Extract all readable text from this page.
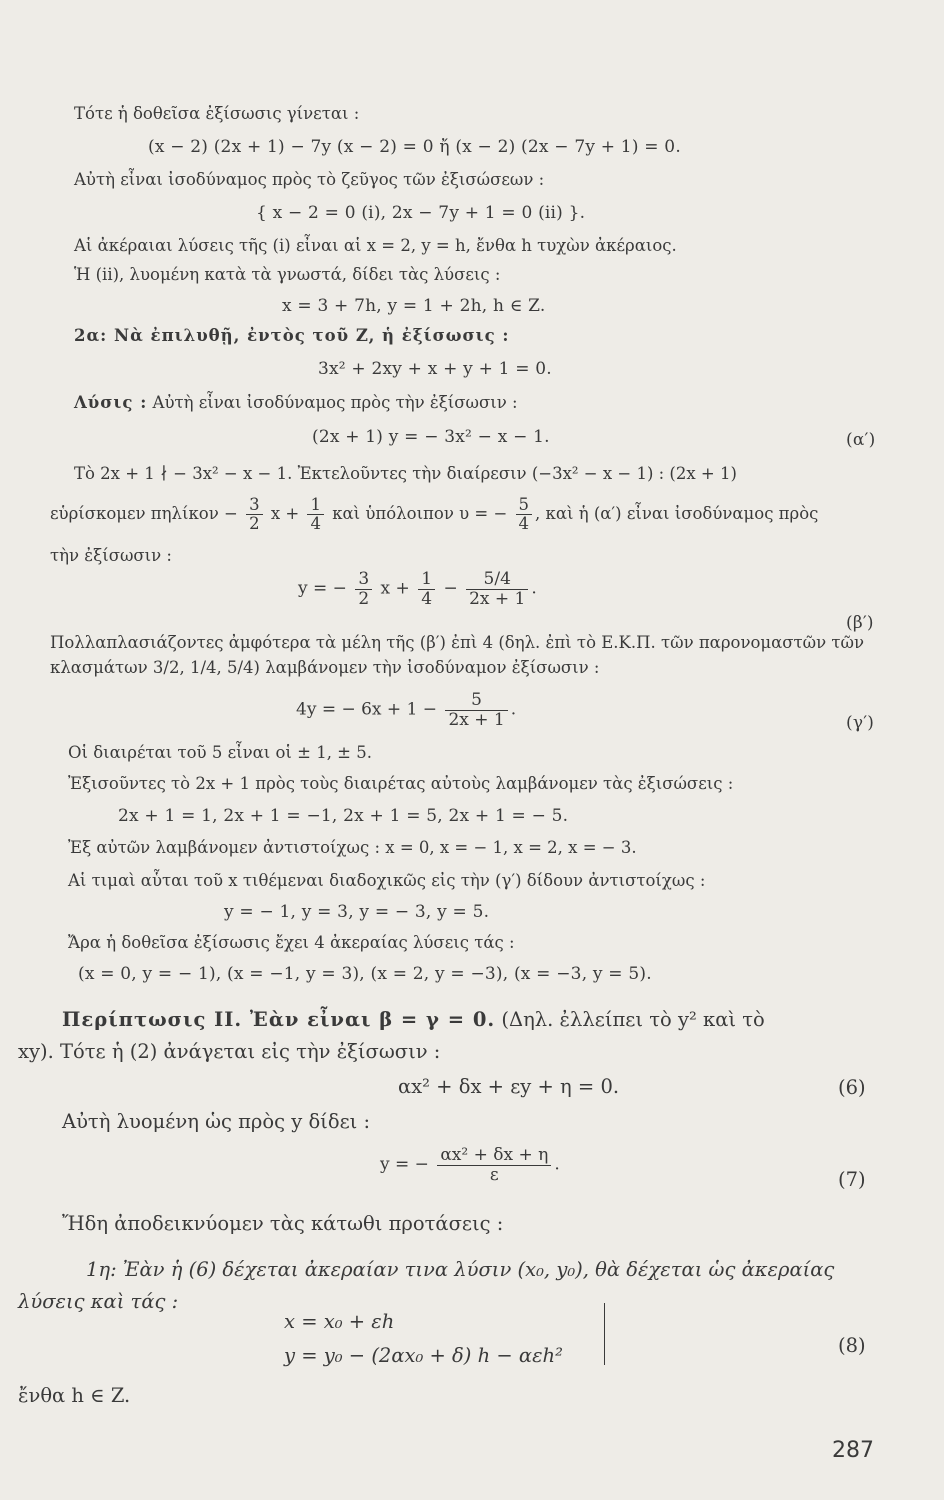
Τότε ἡ δοθεῖσα ἐξίσωσις γίνεται :
(x − 2) (2x + 1) − 7y (x − 2) = 0 ἤ (x − 2) (2x − 7y + 1) = 0.
Αὐτὴ εἶναι ἰσοδύναμος πρὸς τὸ ζεῦγος τῶν ἐξισώσεων :
{ x − 2 = 0 (i), 2x − 7y + 1 = 0 (ii) }.
Αἱ ἀκέραιαι λύσεις τῆς (i) εἶναι αἱ x = 2, y = h, ἔνθα h τυχὼν ἀκέραιος.
Ἡ (ii), λυομένη κατὰ τὰ γνωστά, δίδει τὰς λύσεις :
x = 3 + 7h, y = 1 + 2h, h ∈ Z.
2α: Νὰ ἐπιλυθῇ, ἐντὸς τοῦ Z, ἡ ἐξίσωσις :
3x² + 2xy + x + y + 1 = 0.
Λύσις : Αὐτὴ εἶναι ἰσοδύναμος πρὸς τὴν ἐξίσωσιν :
(2x + 1) y = − 3x² − x − 1.	(α′)
Τὸ 2x + 1 ∤ − 3x² − x − 1. Ἐκτελοῦντες τὴν διαίρεσιν (−3x² − x − 1) : (2x + 1)
εὑρίσκομεν $\pi\eta\lambda ί\kappa o\nu - \frac{3}{2}$ $x + \frac{1}{4}$ καὶ ὑπόλοιπον υ = − $\frac{5}{4}$ , καὶ ἡ (α′) εἶναι ἰσοδύναμος πρὸς
τὴν ἐξίσωσιν :
y = − $\frac{3}{2}$ $x + \frac{1}{4} - \frac{5/4}{2x + 1}$ .
(β′)
Πολλαπλασιάζοντες ἀμφότερα τὰ μέλη τῆς (β′) ἐπὶ 4 (δηλ. ἐπὶ τὸ Ε.Κ.Π. τῶν παρονομαστῶν τῶν
κλασμάτων 3/2, 1/4, 5/4) λαμβάνομεν τὴν ἰσοδύναμον ἐξίσωσιν :
4y = − $6x + 1 - \frac{5}{2x + 1}$ .
(γ′)
Οἱ διαιρέται τοῦ 5 εἶναι οἱ ± 1, ± 5.
Ἐξισοῦντες τὸ 2x + 1 πρὸς τοὺς διαιρέτας αὐτοὺς λαμβάνομεν τὰς ἐξισώσεις :
2x + 1 = 1, 2x + 1 = −1, 2x + 1 = 5, 2x + 1 = − 5.
Ἐξ αὐτῶν λαμβάνομεν ἀντιστοίχως : x = 0, x = − 1, x = 2, x = − 3.
Αἱ τιμαὶ αὗται τοῦ x τιθέμεναι διαδοχικῶς εἰς τὴν (γ′) δίδουν ἀντιστοίχως :
y = − 1, y = 3, y = − 3, y = 5.
Ἄρα ἡ δοθεῖσα ἐξίσωσις ἔχει 4 ἀκεραίας λύσεις τάς :
(x = 0, y = − 1), (x = −1, y = 3), (x = 2, y = −3), (x = −3, y = 5).
Περίπτωσις ΙΙ. Ἐὰν εἶναι β = γ = 0. (Δηλ. ἐλλείπει τὸ y² καὶ τὸ
xy). Τότε ἡ (2) ἀνάγεται εἰς τὴν ἐξίσωσιν :
αx² + δx + εy + η = 0.	(6)
Αὐτὴ λυομένη ὡς πρὸς y δίδει :
y = − $\frac{\text{αx² + δx + η}}{\varepsilon}$ .
(7)
Ἤδη ἀποδεικνύομεν τὰς κάτωθι προτάσεις :
1η: Ἐὰν ἡ (6) δέχεται ἀκεραίαν τινα λύσιν (x₀, y₀), θὰ δέχεται ὡς ἀκεραίας
λύσεις καὶ τάς :
x = x₀ + εh
y = y₀ − (2αx₀ + δ) h − αεh²	(8)
ἔνθα h ∈ Z.
287
